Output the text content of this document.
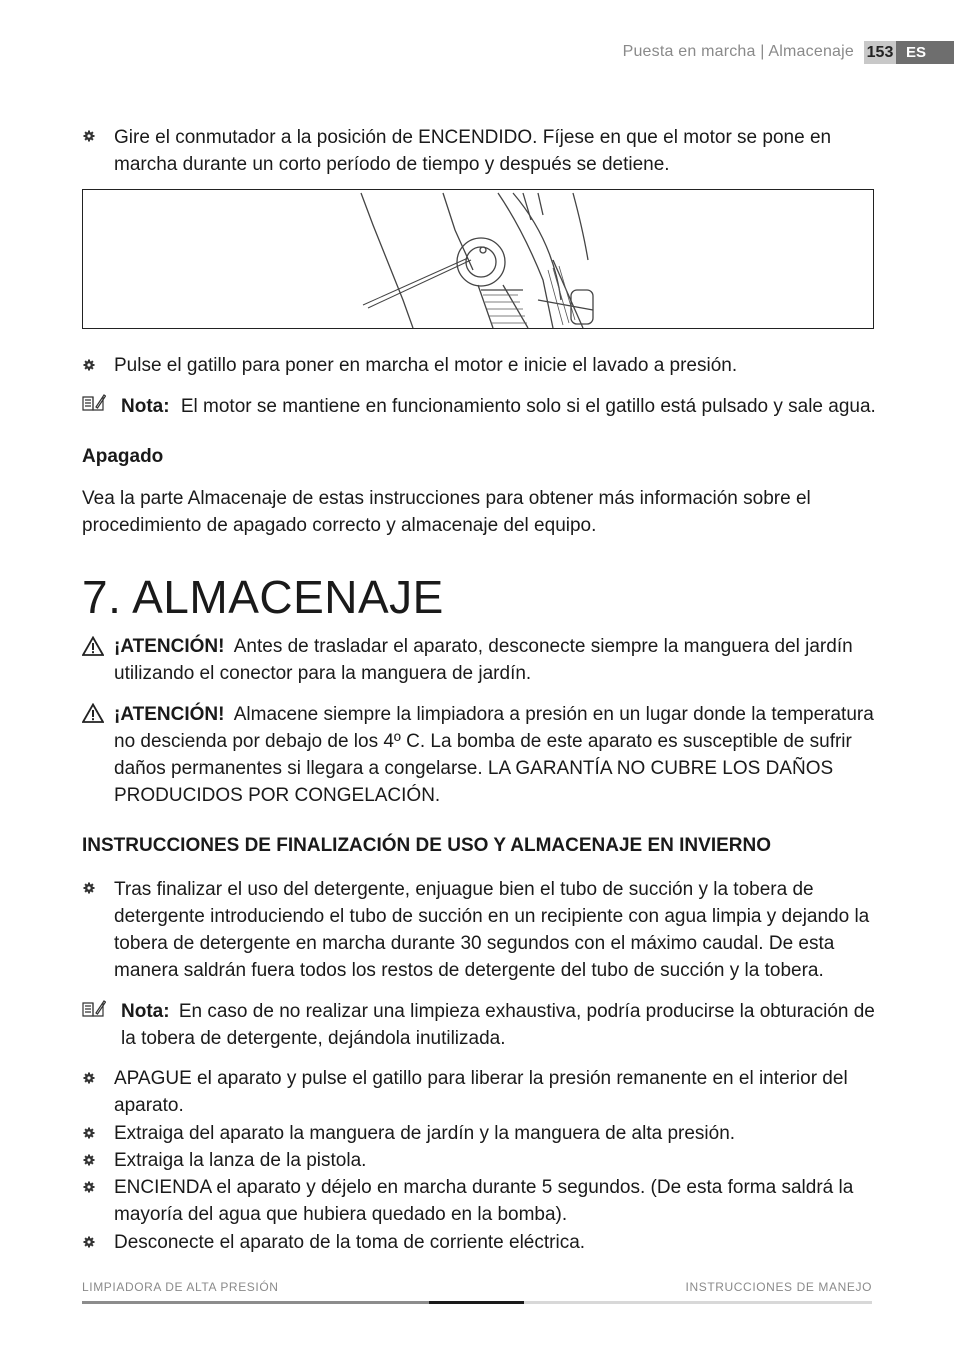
Puesta en marcha | Almacenaje 153 ES
Gire el conmutador a la posición de ENCENDIDO. Fíjese en que el motor se pone en marcha durante un corto período de tiempo y después se detiene.
Pulse el gatillo para poner en marcha el motor e inicie el lavado a presión.
Nota: El motor se mantiene en funcionamiento solo si el gatillo está pulsado y sale agua.
Apagado
Vea la parte Almacenaje de estas instrucciones para obtener más información sobre el procedimiento de apagado correcto y almacenaje del equipo.
7. ALMACENAJE
¡ATENCIÓN! Antes de trasladar el aparato, desconecte siempre la manguera del jardín utilizando el conector para la manguera de jardín.
¡ATENCIÓN! Almacene siempre la limpiadora a presión en un lugar donde la temperatura no descienda por debajo de los 4º C. La bomba de este aparato es susceptible de sufrir daños permanentes si llegara a congelarse. LA GARANTÍA NO CUBRE LOS DAÑOS PRODUCIDOS POR CONGELACIÓN.
INSTRUCCIONES DE FINALIZACIÓN DE USO Y ALMACENAJE EN INVIERNO
Tras finalizar el uso del detergente, enjuague bien el tubo de succión y la tobera de detergente introduciendo el tubo de succión en un recipiente con agua limpia y dejando la tobera de detergente en marcha durante 30 segundos con el máximo caudal. De esta manera saldrán fuera todos los restos de detergente del tubo de succión y la tobera.
Nota: En caso de no realizar una limpieza exhaustiva, podría producirse la obturación de la tobera de detergente, dejándola inutilizada.
APAGUE el aparato y pulse el gatillo para liberar la presión remanente en el interior del aparato.
Extraiga del aparato la manguera de jardín y la manguera de alta presión.
Extraiga la lanza de la pistola.
ENCIENDA el aparato y déjelo en marcha durante 5 segundos. (De esta forma saldrá la mayoría del agua que hubiera quedado en la bomba).
Desconecte el aparato de la toma de corriente eléctrica.
LIMPIADORA DE ALTA PRESIÓN	INSTRUCCIONES DE MANEJO
